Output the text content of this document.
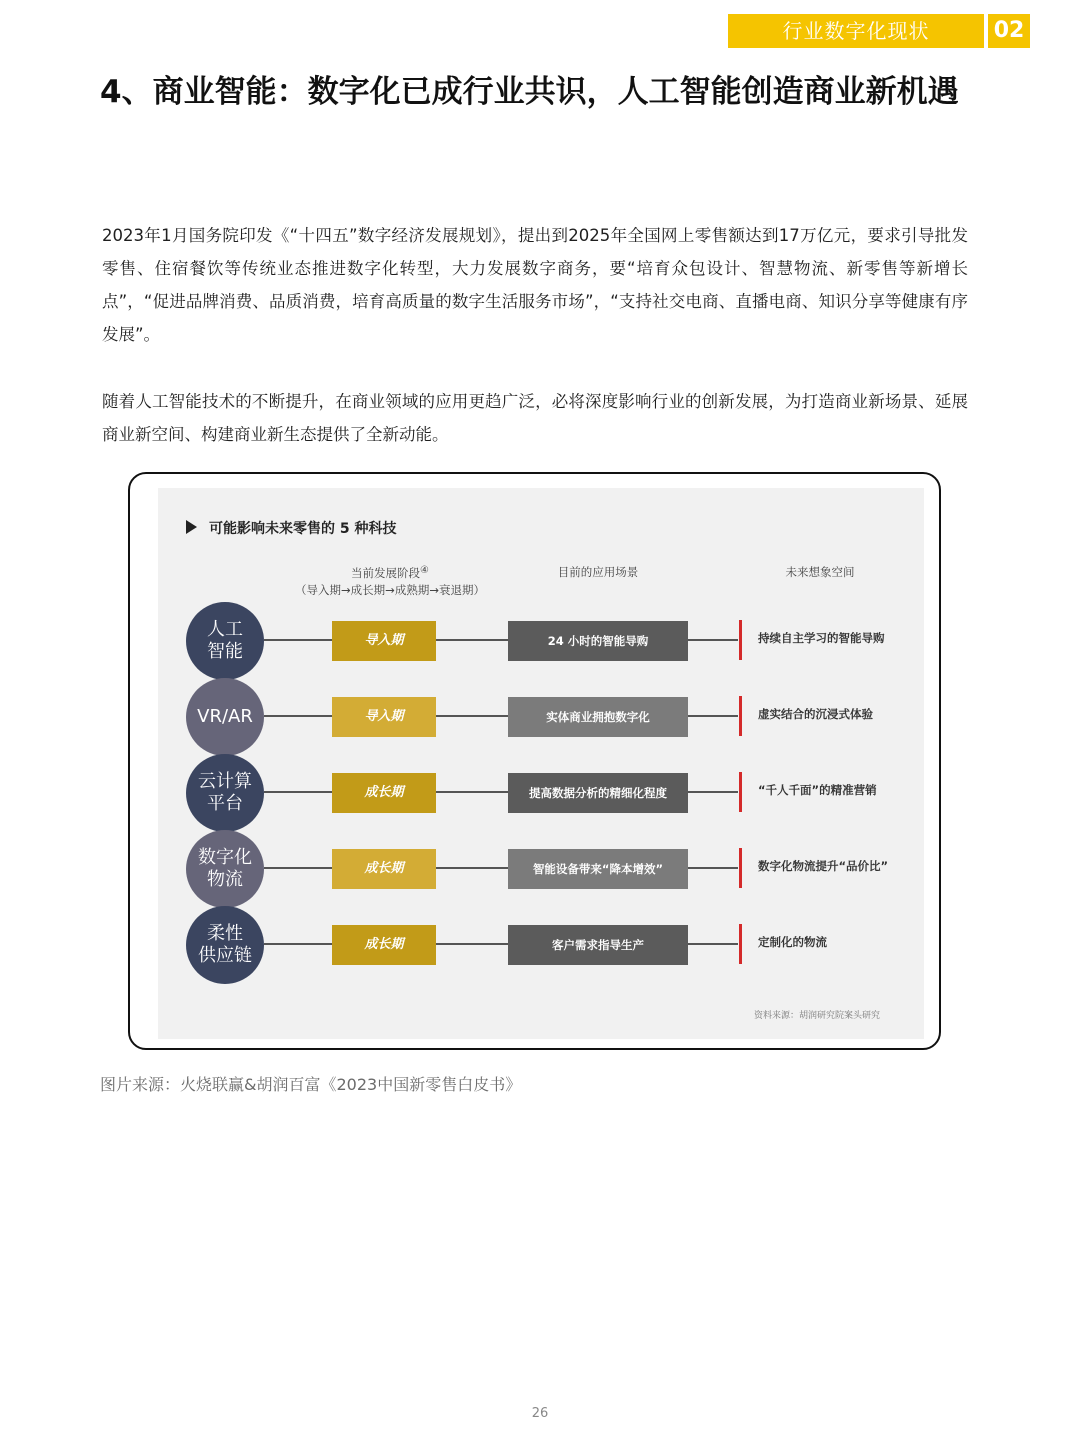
行业数字化现状	02
4、商业智能：数字化已成行业共识，人工智能创造商业新机遇

2023年1月国务院印发《“十四五”数字经济发展规划》，提出到2025年全国网上零售额达到17万亿元，要求引导批发零售、住宿餐饮等传统业态推进数字化转型，大力发展数字商务，要“培育众包设计、智慧物流、新零售等新增长点”，“促进品牌消费、品质消费，培育高质量的数字生活服务市场”，“支持社交电商、直播电商、知识分享等健康有序发展”。

随着人工智能技术的不断提升，在商业领域的应用更趋广泛，必将深度影响行业的创新发展，为打造商业新场景、延展商业新空间、构建商业新生态提供了全新动能。

可能影响未来零售的 5 种科技
当前发展阶段④
（导入期→成长期→成熟期→衰退期）
目前的应用场景	未来想象空间
人工
智能
导入期	24 小时的智能导购	持续自主学习的智能导购
VR/AR	导入期	实体商业拥抱数字化	虚实结合的沉浸式体验
云计算
平台
成长期	提高数据分析的精细化程度	“千人千面”的精准营销
数字化
物流
成长期	智能设备带来“降本增效”	数字化物流提升“品价比”
柔性
供应链
成长期	客户需求指导生产	定制化的物流
资料来源：胡润研究院案头研究
图片来源：火烧联赢&胡润百富《2023中国新零售白皮书》
26
